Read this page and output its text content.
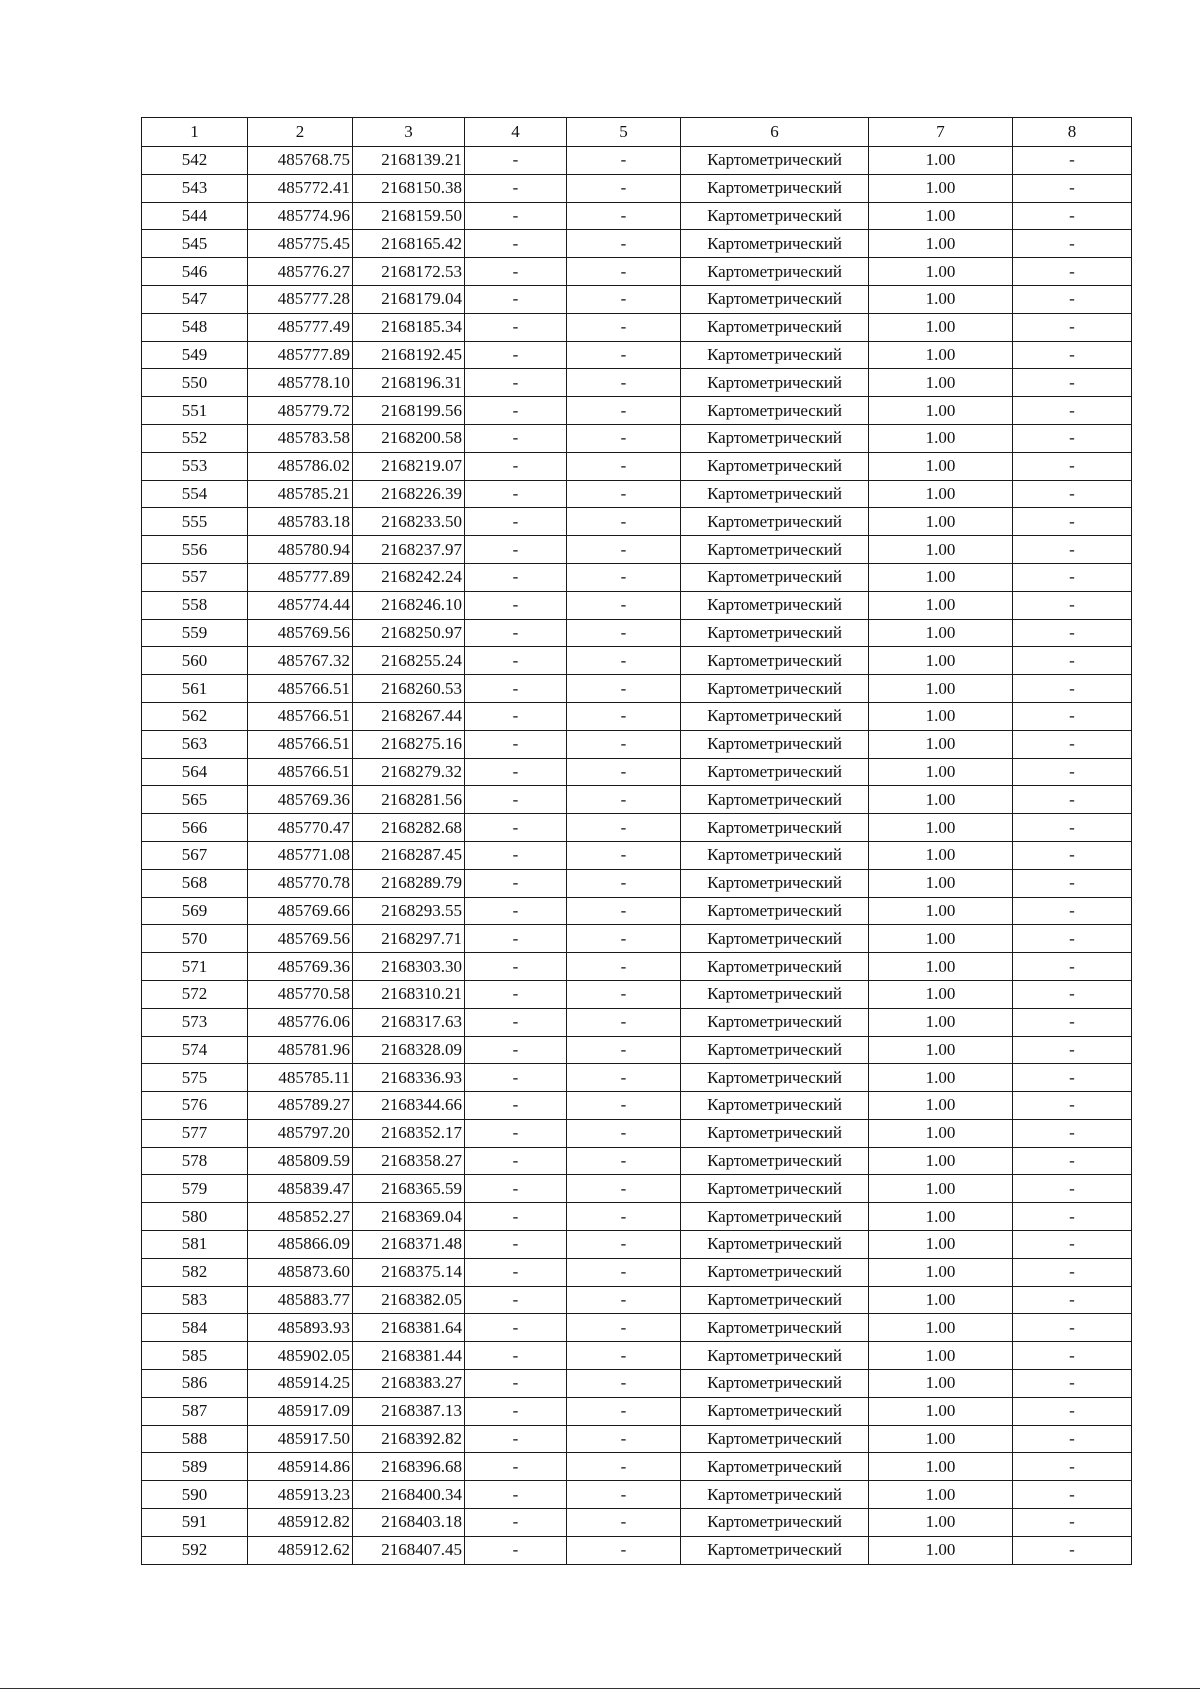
1	2	3	4	5	6	7	8
542	485768.75	2168139.21	-	-	Картометрический	1.00	-
543	485772.41	2168150.38	-	-	Картометрический	1.00	-
544	485774.96	2168159.50	-	-	Картометрический	1.00	-
545	485775.45	2168165.42	-	-	Картометрический	1.00	-
546	485776.27	2168172.53	-	-	Картометрический	1.00	-
547	485777.28	2168179.04	-	-	Картометрический	1.00	-
548	485777.49	2168185.34	-	-	Картометрический	1.00	-
549	485777.89	2168192.45	-	-	Картометрический	1.00	-
550	485778.10	2168196.31	-	-	Картометрический	1.00	-
551	485779.72	2168199.56	-	-	Картометрический	1.00	-
552	485783.58	2168200.58	-	-	Картометрический	1.00	-
553	485786.02	2168219.07	-	-	Картометрический	1.00	-
554	485785.21	2168226.39	-	-	Картометрический	1.00	-
555	485783.18	2168233.50	-	-	Картометрический	1.00	-
556	485780.94	2168237.97	-	-	Картометрический	1.00	-
557	485777.89	2168242.24	-	-	Картометрический	1.00	-
558	485774.44	2168246.10	-	-	Картометрический	1.00	-
559	485769.56	2168250.97	-	-	Картометрический	1.00	-
560	485767.32	2168255.24	-	-	Картометрический	1.00	-
561	485766.51	2168260.53	-	-	Картометрический	1.00	-
562	485766.51	2168267.44	-	-	Картометрический	1.00	-
563	485766.51	2168275.16	-	-	Картометрический	1.00	-
564	485766.51	2168279.32	-	-	Картометрический	1.00	-
565	485769.36	2168281.56	-	-	Картометрический	1.00	-
566	485770.47	2168282.68	-	-	Картометрический	1.00	-
567	485771.08	2168287.45	-	-	Картометрический	1.00	-
568	485770.78	2168289.79	-	-	Картометрический	1.00	-
569	485769.66	2168293.55	-	-	Картометрический	1.00	-
570	485769.56	2168297.71	-	-	Картометрический	1.00	-
571	485769.36	2168303.30	-	-	Картометрический	1.00	-
572	485770.58	2168310.21	-	-	Картометрический	1.00	-
573	485776.06	2168317.63	-	-	Картометрический	1.00	-
574	485781.96	2168328.09	-	-	Картометрический	1.00	-
575	485785.11	2168336.93	-	-	Картометрический	1.00	-
576	485789.27	2168344.66	-	-	Картометрический	1.00	-
577	485797.20	2168352.17	-	-	Картометрический	1.00	-
578	485809.59	2168358.27	-	-	Картометрический	1.00	-
579	485839.47	2168365.59	-	-	Картометрический	1.00	-
580	485852.27	2168369.04	-	-	Картометрический	1.00	-
581	485866.09	2168371.48	-	-	Картометрический	1.00	-
582	485873.60	2168375.14	-	-	Картометрический	1.00	-
583	485883.77	2168382.05	-	-	Картометрический	1.00	-
584	485893.93	2168381.64	-	-	Картометрический	1.00	-
585	485902.05	2168381.44	-	-	Картометрический	1.00	-
586	485914.25	2168383.27	-	-	Картометрический	1.00	-
587	485917.09	2168387.13	-	-	Картометрический	1.00	-
588	485917.50	2168392.82	-	-	Картометрический	1.00	-
589	485914.86	2168396.68	-	-	Картометрический	1.00	-
590	485913.23	2168400.34	-	-	Картометрический	1.00	-
591	485912.82	2168403.18	-	-	Картометрический	1.00	-
592	485912.62	2168407.45	-	-	Картометрический	1.00	-
